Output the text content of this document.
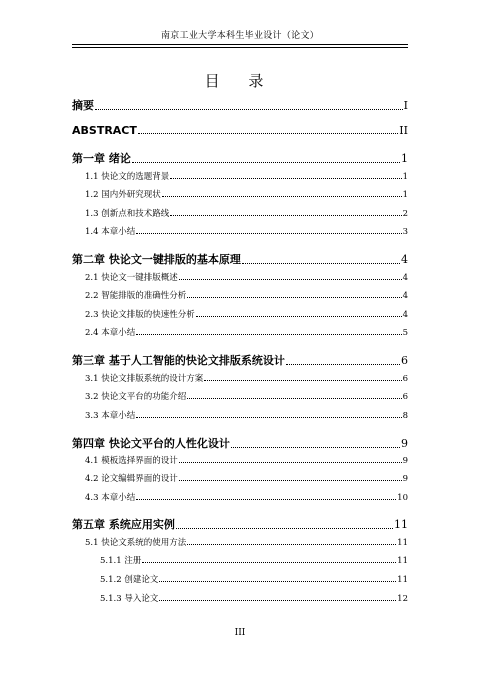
南京工业大学本科生毕业设计（论文）
目 录
摘要	I
ABSTRACT	II
第一章 绪论	1
1.1 快论文的选题背景	1
1.2 国内外研究现状	1
1.3 创新点和技术路线	2
1.4 本章小结	3
第二章 快论文一键排版的基本原理	4
2.1 快论文一键排版概述	4
2.2 智能排版的准确性分析	4
2.3 快论文排版的快速性分析	4
2.4 本章小结	5
第三章 基于人工智能的快论文排版系统设计	6
3.1 快论文排版系统的设计方案	6
3.2 快论文平台的功能介绍	6
3.3 本章小结	8
第四章 快论文平台的人性化设计	9
4.1 模板选择界面的设计	9
4.2 论文编辑界面的设计	9
4.3 本章小结	10
第五章 系统应用实例	11
5.1 快论文系统的使用方法	11
5.1.1 注册	11
5.1.2 创建论文	11
5.1.3 导入论文	12
III
